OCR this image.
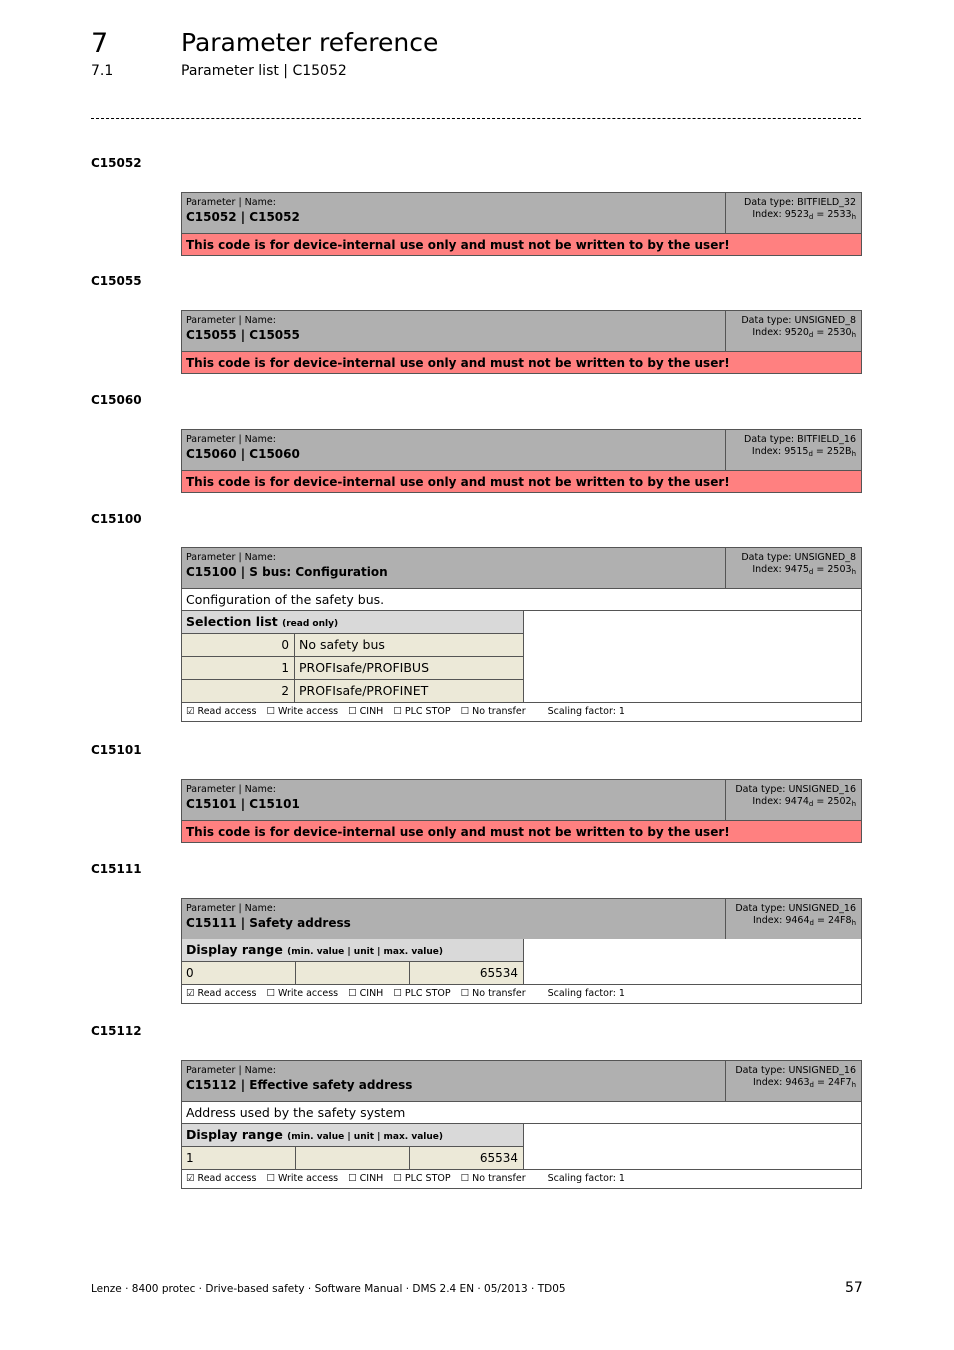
7	Parameter reference
7.1	Parameter list | C15052
C15052
Parameter | Name:
C15052 | C15052
Data type: BITFIELD_32
Index: $9523_d = 2533_h$
This code is for device-internal use only and must not be written to by the user!
C15055
Parameter | Name:
C15055 | C15055
Data type: UNSIGNED_8
Index: $9520_d = 2530_h$
This code is for device-internal use only and must not be written to by the user!
C15060
Parameter | Name:
C15060 | C15060
Data type: BITFIELD_16
Index: $9515_d = 252B_h$
This code is for device-internal use only and must not be written to by the user!
C15100
Parameter | Name:
C15100 | S bus: Configuration
Data type: UNSIGNED_8
Index: $9475_d = 2503_h$
Configuration of the safety bus.
Selection list (read only)
0 No safety bus
1 PROFIsafe/PROFIBUS
2 PROFIsafe/PROFINET
☑ Read access ☐ Write access ☐ CINH ☐ PLC STOP ☐ No transfer Scaling factor: 1
C15101
Parameter | Name:
C15101 | C15101
Data type: UNSIGNED_16
Index: $9474_d = 2502_h$
This code is for device-internal use only and must not be written to by the user!
C15111
Parameter | Name:
C15111 | Safety address
Data type: UNSIGNED_16
Index: $9464_d = 24F8_h$
Display range (min. value | unit | max. value)
0	65534
☑ Read access ☐ Write access ☐ CINH ☐ PLC STOP ☐ No transfer Scaling factor: 1
C15112
Parameter | Name:
C15112 | Effective safety address
Data type: UNSIGNED_16
Index: $9463_d = 24F7_h$
Address used by the safety system
Display range (min. value | unit | max. value)
1	65534
☑ Read access ☐ Write access ☐ CINH ☐ PLC STOP ☐ No transfer Scaling factor: 1
Lenze · 8400 protec · Drive-based safety · Software Manual · DMS 2.4 EN · 05/2013 · TD05	57
